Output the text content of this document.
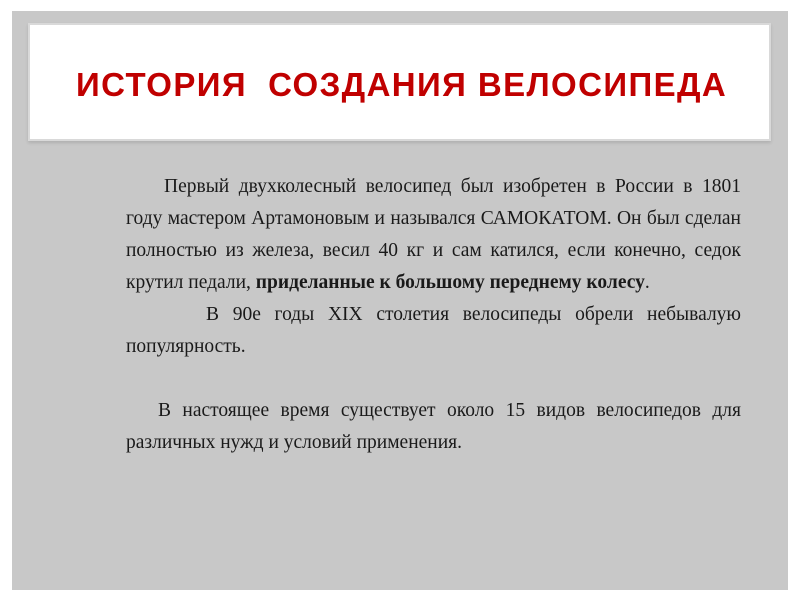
ИСТОРИЯ  СОЗДАНИЯ ВЕЛОСИПЕДА

Первый двухколесный велосипед был изобретен в России в 1801 году мастером Артамоновым и назывался САМОКАТОМ. Он был сделан полностью из железа, весил 40 кг и сам катился, если конечно, седок крутил педали, приделанные к большому переднему колесу.

В 90е годы XIX столетия велосипеды обрели небывалую популярность.

В настоящее время существует около 15 видов велосипедов для различных нужд и условий применения.
